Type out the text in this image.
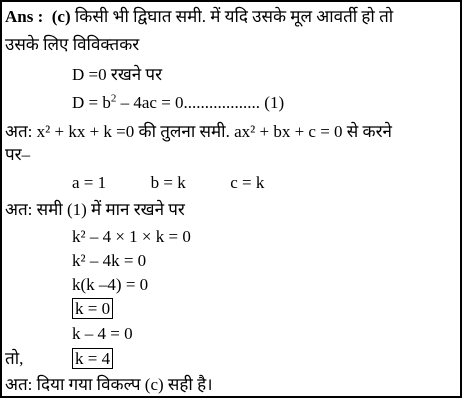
Ans : (c) किसी भी द्विघात समी. में यदि उसके मूल आवर्ती हो तो
उसके लिए विविक्तकर
D =0 रखने पर
$D = b^2 - 4ac = 0$.................. (1)
अत: x² + kx + k =0 की तुलना समी. ax² + bx + c = 0 से करने
पर–
a = 1	b = k	c = k
अत: समी (1) में मान रखने पर
k² – 4 × 1 × k = 0
k² – 4k = 0
k(k –4) = 0
k = 0
k – 4 = 0
तो,	k = 4
अत: दिया गया विकल्प (c) सही है।
